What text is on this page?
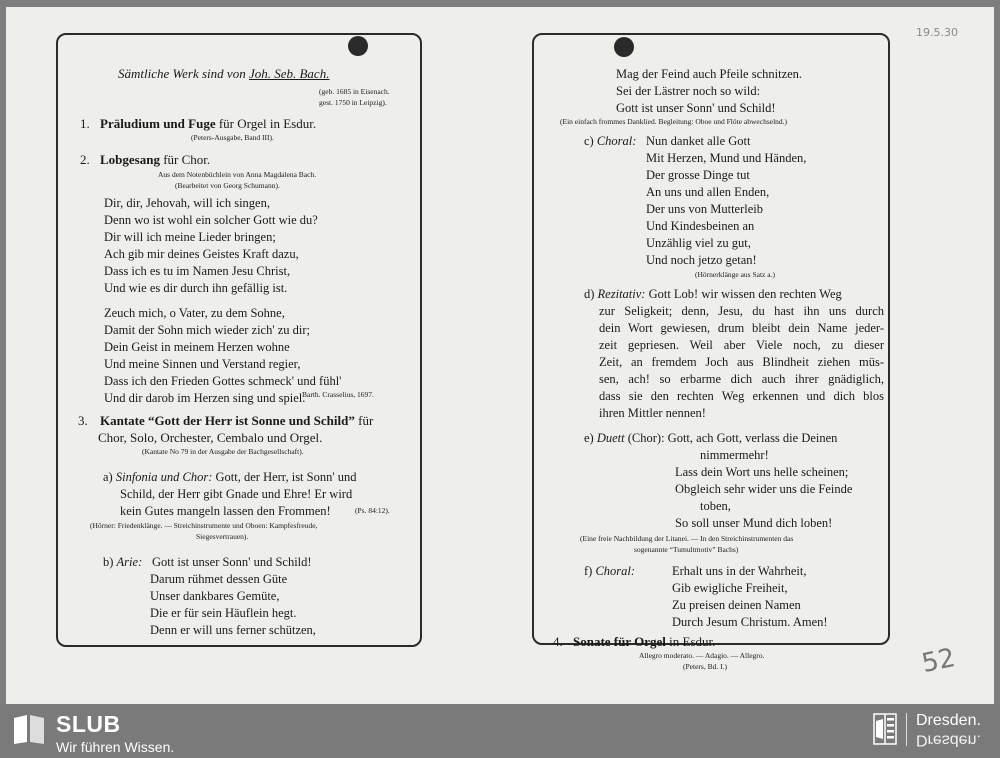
19.5.30
52
Sämtliche Werk sind von Joh. Seb. Bach.
(geb. 1685 in Eisenach.
gest. 1750 in Leipzig).
1. Präludium und Fuge für Orgel in Esdur.
(Peters-Ausgabe, Band III).
2. Lobgesang für Chor.
Aus dem Notenbüchlein von Anna Magdalena Bach.
(Bearbeitet von Georg Schumann).
Dir, dir, Jehovah, will ich singen,
Denn wo ist wohl ein solcher Gott wie du?
Dir will ich meine Lieder bringen;
Ach gib mir deines Geistes Kraft dazu,
Dass ich es tu im Namen Jesu Christ,
Und wie es dir durch ihn gefällig ist.
Zeuch mich, o Vater, zu dem Sohne,
Damit der Sohn mich wieder zich' zu dir;
Dein Geist in meinem Herzen wohne
Und meine Sinnen und Verstand regier,
Dass ich den Frieden Gottes schmeck' und fühl'
Und dir darob im Herzen sing und spiel.
Barth. Crasselius, 1697.
3. Kantate “Gott der Herr ist Sonne und Schild” für
Chor, Solo, Orchester, Cembalo und Orgel.
(Kantate No 79 in der Ausgabe der Bachgesellschaft).
a) Sinfonia und Chor: Gott, der Herr, ist Sonn' und
Schild, der Herr gibt Gnade und Ehre! Er wird
kein Gutes mangeln lassen den Frommen!	(Ps. 84:12).
(Hörner: Friedenklänge. — Streichinstrumente und Oboen: Kampfesfreude,
Siegesvertrauen).
b) Arie: Gott ist unser Sonn' und Schild!
Darum rühmet dessen Güte
Unser dankbares Gemüte,
Die er für sein Häuflein hegt.
Denn er will uns ferner schützen,
Mag der Feind auch Pfeile schnitzen.
Sei der Lästrer noch so wild:
Gott ist unser Sonn' und Schild!
(Ein einfach frommes Danklied. Begleitung: Oboe und Flöte abwechselnd.)
c) Choral: Nun danket alle Gott
Mit Herzen, Mund und Händen,
Der grosse Dinge tut
An uns und allen Enden,
Der uns von Mutterleib
Und Kindesbeinen an
Unzählig viel zu gut,
Und noch jetzo getan!
(Hörnerklänge aus Satz a.)
d) Rezitativ: Gott Lob! wir wissen den rechten Weg
zur Seligkeit; denn, Jesu, du hast ihn uns durch
dein Wort gewiesen, drum bleibt dein Name jeder-
zeit gepriesen. Weil aber Viele noch, zu dieser
Zeit, an fremdem Joch aus Blindheit ziehen müs-
sen, ach! so erbarme dich auch ihrer gnädiglich,
dass sie den rechten Weg erkennen und dich blos
ihren Mittler nennen!
e) Duett (Chor): Gott, ach Gott, verlass die Deinen
nimmermehr!
Lass dein Wort uns helle scheinen;
Obgleich sehr wider uns die Feinde
toben,
So soll unser Mund dich loben!
(Eine freie Nachbildung der Litanei. — In den Streichinstrumenten das
sogenannte “Tumultmotiv” Bachs)
f) Choral:	Erhalt uns in der Wahrheit,
Gib ewigliche Freiheit,
Zu preisen deinen Namen
Durch Jesum Christum. Amen!
4. Sonate für Orgel in Esdur.
Allegro moderato. — Adagio. — Allegro.
(Peters, Bd. I.)
SLUB
Wir führen Wissen.
Dresden.
Dresden.
